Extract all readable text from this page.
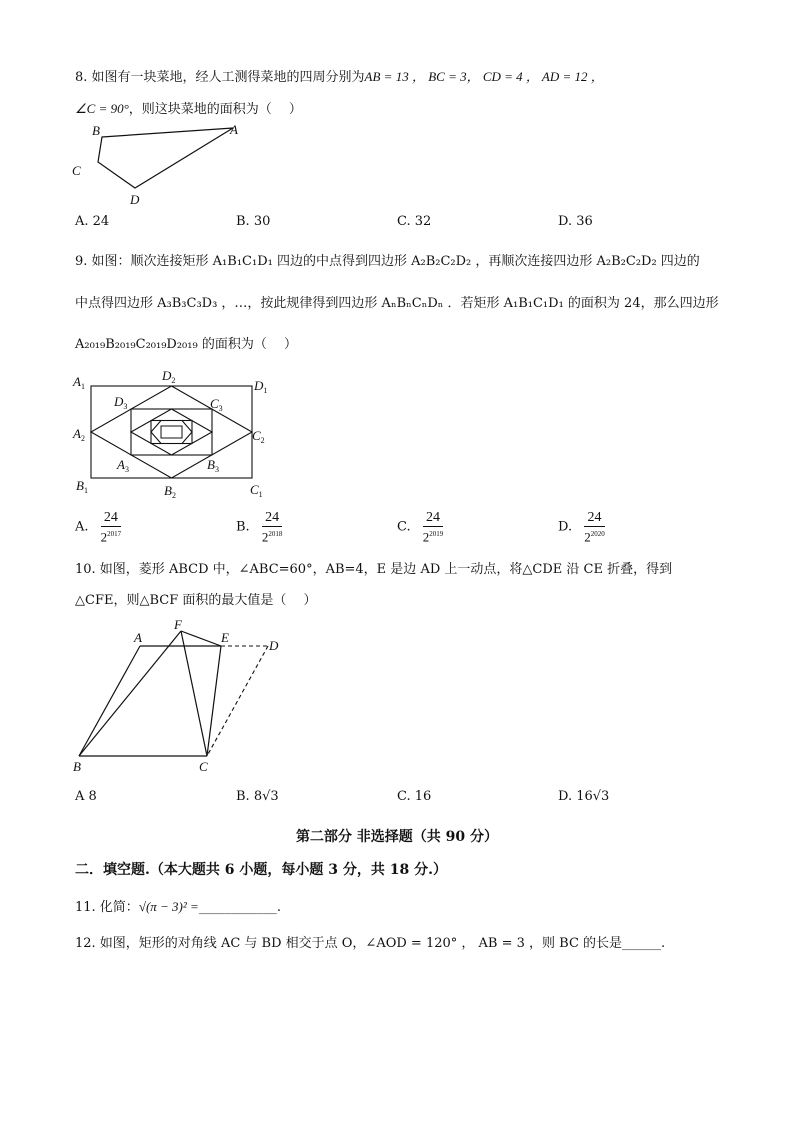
8. 如图有一块菜地，经人工测得菜地的四周分别为AB = 13 ， BC = 3， CD = 4 ， AD = 12 ，
∠C = 90°，则这块菜地的面积为（　 ）
B	A
C
D
A. 24	B. 30	C. 32	D. 36
9. 如图：顺次连接矩形 A₁B₁C₁D₁ 四边的中点得到四边形 A₂B₂C₂D₂ ，再顺次连接四边形 A₂B₂C₂D₂ 四边的
中点得四边形 A₃B₃C₃D₃ ，…，按此规律得到四边形 AₙBₙCₙDₙ ．若矩形 A₁B₁C₁D₁ 的面积为 24，那么四边形
A₂₀₁₉B₂₀₁₉C₂₀₁₉D₂₀₁₉ 的面积为（　 ）
$A_1$
$D_2$	$D_1$
$D_3$	$C_3$
$A_2$	$C_2$
$A_3$	$B_3$
$B_1$	$B_2$	$C_1$
A. $\frac{24}{2^{2017}}$	B. $\frac{24}{2^{2018}}$	C. $\frac{24}{2^{2019}}$	D. $\frac{24}{2^{2020}}$
10. 如图，菱形 ABCD 中，∠ABC=60°，AB=4，E 是边 AD 上一动点，将△CDE 沿 CE 折叠，得到
△CFE，则△BCF 面积的最大值是（　 ）
A
F
E
D
B	C
A 8	B. 8√3	C. 16	D. 16√3
第二部分 非选择题（共 90 分）
二．填空题.（本大题共 6 小题，每小题 3 分，共 18 分.）
11. 化简：√(π − 3)² =____________.
12. 如图，矩形的对角线 AC 与 BD 相交于点 O，∠AOD = 120° ， AB = 3 ，则 BC 的长是______.
